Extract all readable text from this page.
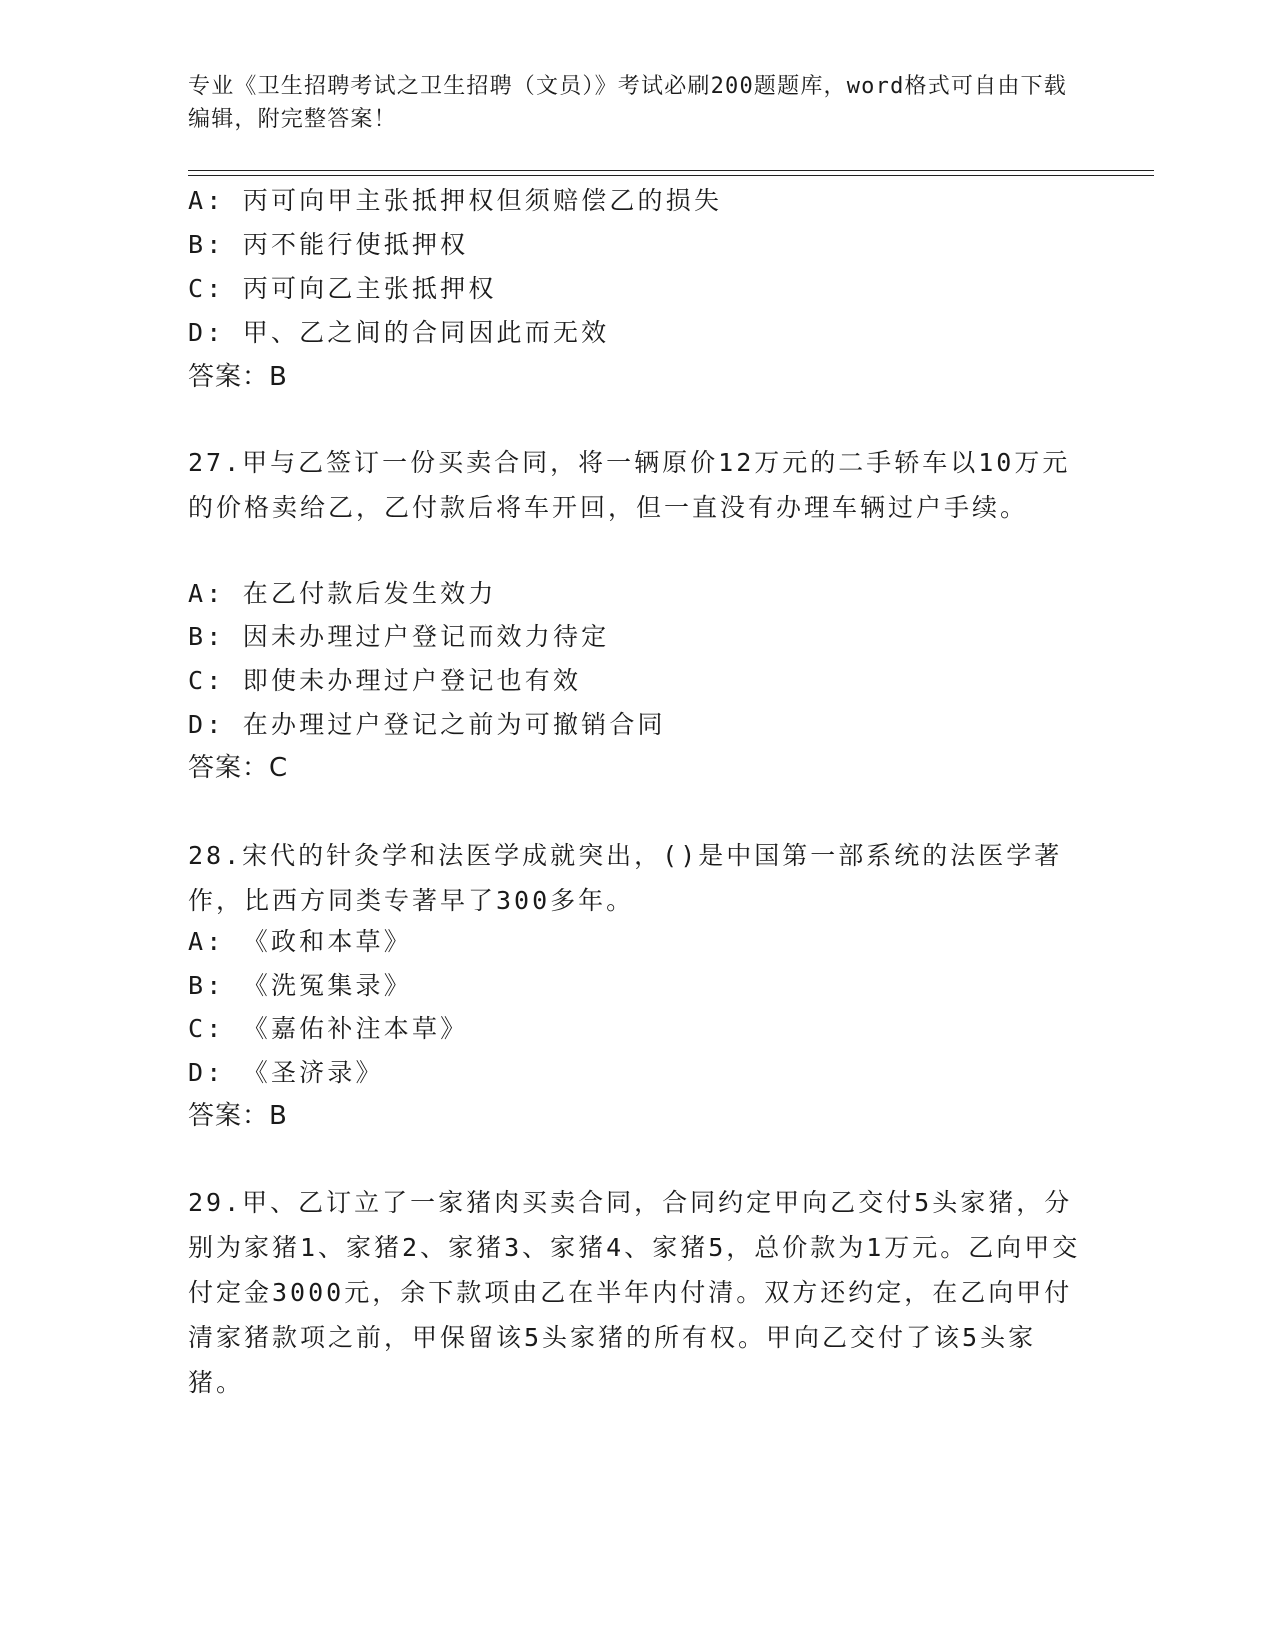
专业《卫生招聘考试之卫生招聘（文员）》考试必刷200题题库，word格式可自由下载编辑，附完整答案！
A: 丙可向甲主张抵押权但须赔偿乙的损失
B: 丙不能行使抵押权
C: 丙可向乙主张抵押权
D: 甲、乙之间的合同因此而无效
答案：B
27.甲与乙签订一份买卖合同，将一辆原价12万元的二手轿车以10万元的价格卖给乙，乙付款后将车开回，但一直没有办理车辆过户手续。
A: 在乙付款后发生效力
B: 因未办理过户登记而效力待定
C: 即使未办理过户登记也有效
D: 在办理过户登记之前为可撤销合同
答案：C
28.宋代的针灸学和法医学成就突出，()是中国第一部系统的法医学著作，比西方同类专著早了300多年。
A: 《政和本草》
B: 《洗冤集录》
C: 《嘉佑补注本草》
D: 《圣济录》
答案：B
29.甲、乙订立了一家猪肉买卖合同，合同约定甲向乙交付5头家猪，分别为家猪1、家猪2、家猪3、家猪4、家猪5，总价款为1万元。乙向甲交付定金3000元，余下款项由乙在半年内付清。双方还约定，在乙向甲付清家猪款项之前，甲保留该5头家猪的所有权。甲向乙交付了该5头家猪。
